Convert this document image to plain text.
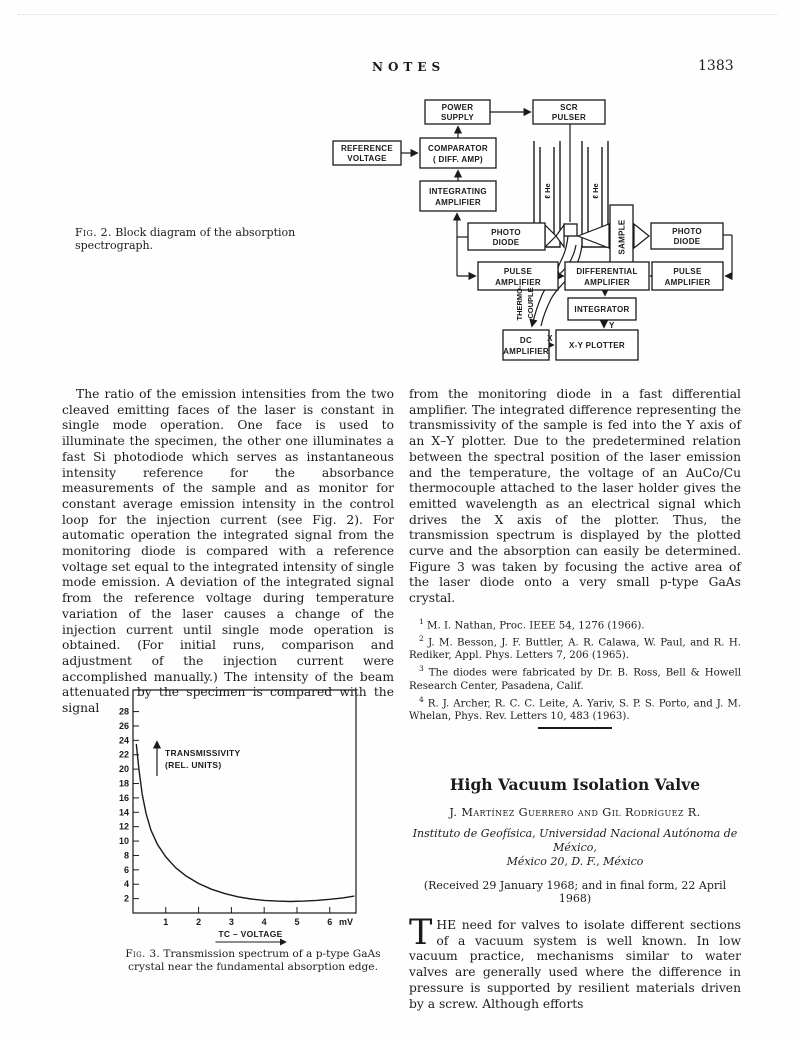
NOTES	1383
Fig. 2. Block diagram of the absorption spectrograph.
ℓ He	ℓ He
POWER
SUPPLY
SCR
PULSER
REFERENCE
VOLTAGE
COMPARATOR
( DIFF. AMP)
INTEGRATING
AMPLIFIER
PHOTO
DIODE	SAMPLE	PHOTO
DIODE
PULSE
AMPLIFIER
DIFFERENTIAL
AMPLIFIER
PULSE
AMPLIFIER
INTEGRATOR
DC
AMPLIFIER
X-Y PLOTTER
THERMO- COUPLE
X
Y

The ratio of the emission intensities from the two cleaved emitting faces of the laser is constant in single mode operation. One face is used to illuminate the specimen, the other one illuminates a fast Si photodiode which serves as instantaneous intensity reference for the absorbance measurements of the sample and as monitor for constant average emission intensity in the control loop for the injection current (see Fig. 2). For automatic operation the integrated signal from the monitoring diode is compared with a reference voltage set equal to the integrated intensity of single mode emission. A deviation of the integrated signal from the reference voltage during temperature variation of the laser causes a change of the injection current until single mode operation is obtained. (For initial runs, comparison and adjustment of the injection current were accomplished manually.) The intensity of the beam attenuated by the specimen is compared with the signal

from the monitoring diode in a fast differential amplifier. The integrated difference representing the transmissivity of the sample is fed into the Y axis of an X–Y plotter. Due to the predetermined relation between the spectral position of the laser emission and the temperature, the voltage of an AuCo/Cu thermocouple attached to the laser holder gives the emitted wavelength as an electrical signal which drives the X axis of the plotter. Thus, the transmission spectrum is displayed by the plotted curve and the absorption can easily be determined. Figure 3 was taken by focusing the active area of the laser diode onto a very small p-type GaAs crystal.

$^1$ M. I. Nathan, Proc. IEEE 54, 1276 (1966).

$^2$ J. M. Besson, J. F. Buttler, A. R. Calawa, W. Paul, and R. H. Rediker, Appl. Phys. Letters 7, 206 (1965).

$^3$ The diodes were fabricated by Dr. B. Ross, Bell & Howell Research Center, Pasadena, Calif.

$^4$ R. J. Archer, R. C. C. Leite, A. Yariv, S. P. S. Porto, and J. M. Whelan, Phys. Rev. Letters 10, 483 (1963).

2
4
6
8
10
12
14
16
18
20
22
24
26
28
1	2	3	4	5	6 mV
TRANSMISSIVITY
(REL. UNITS)
TC – VOLTAGE
Fig. 3. Transmission spectrum of a p-type GaAs
crystal near the fundamental absorption edge.
High Vacuum Isolation Valve
J. Martínez Guerrero and Gil Rodríguez R.
Instituto de Geofísica, Universidad Nacional Autónoma de México,
México 20, D. F., México
(Received 29 January 1968; and in final form, 22 April 1968)

THE need for valves to isolate different sections of a vacuum system is well known. In low vacuum practice, mechanisms similar to water valves are generally used where the difference in pressure is supported by resilient materials driven by a screw. Although efforts
